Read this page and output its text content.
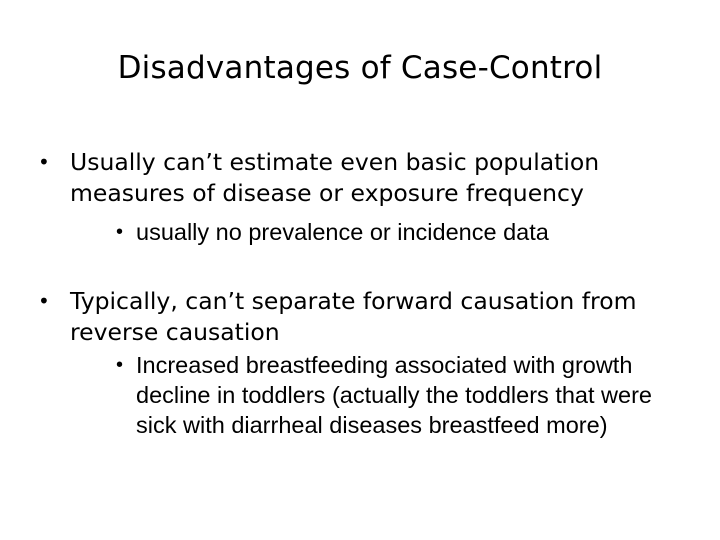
Disadvantages of Case-Control
• Usually can’t estimate even basic population measures of disease or exposure frequency
• usually no prevalence or incidence data
• Typically, can’t separate forward causation from reverse causation
• Increased breastfeeding associated with growth decline in toddlers (actually the toddlers that were sick with diarrheal diseases breastfeed more)
